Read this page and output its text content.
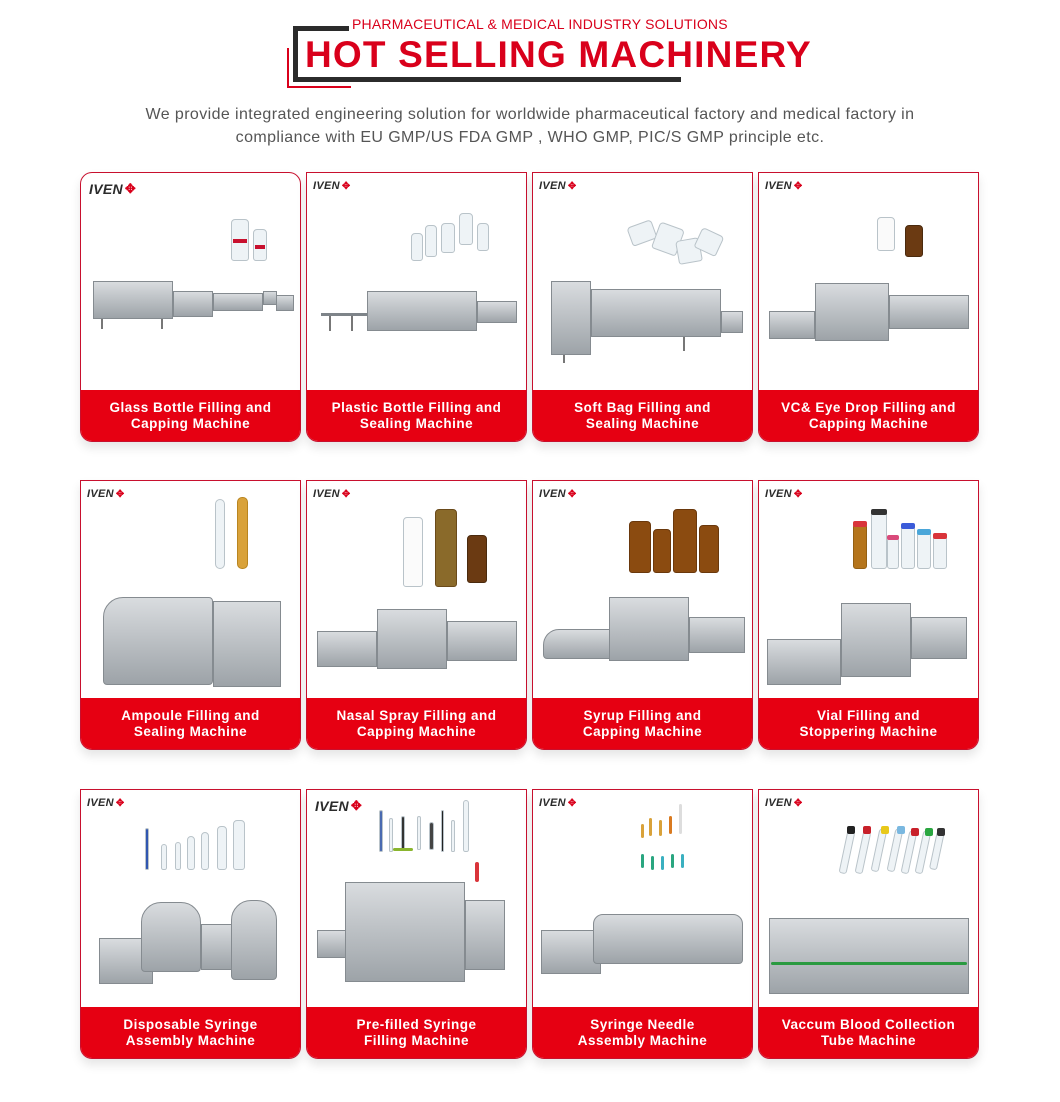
PHARMACEUTICAL & MEDICAL INDUSTRY SOLUTIONS
HOT SELLING MACHINERY
We provide integrated engineering solution for worldwide pharmaceutical factory and medical factory in
compliance with EU GMP/US FDA GMP , WHO GMP, PIC/S GMP principle etc.
IVEN ✥
Glass Bottle Filling and
Capping Machine
IVEN ✥
Plastic Bottle Filling and
Sealing Machine
IVEN ✥
Soft Bag Filling and
Sealing Machine
IVEN ✥
VC& Eye Drop Filling and
Capping Machine
IVEN ✥
Ampoule Filling and
Sealing Machine
IVEN ✥
Nasal Spray Filling and
Capping Machine
IVEN ✥
Syrup Filling and
Capping Machine
IVEN ✥
Vial Filling and
Stoppering Machine
IVEN ✥
Disposable Syringe
Assembly Machine
IVEN ✥
Pre-filled Syringe
Filling Machine
IVEN ✥
Syringe Needle
Assembly Machine
IVEN ✥
Vaccum Blood Collection
Tube Machine
